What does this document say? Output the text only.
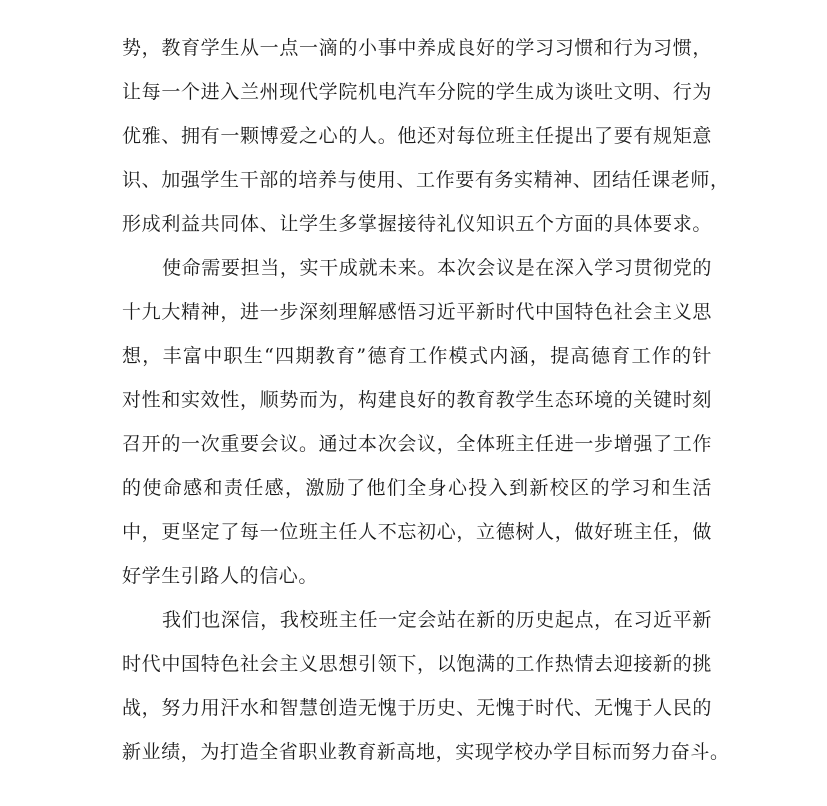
势，教育学生从一点一滴的小事中养成良好的学习习惯和行为习惯，
让每一个进入兰州现代学院机电汽车分院的学生成为谈吐文明、行为
优雅、拥有一颗博爱之心的人。他还对每位班主任提出了要有规矩意
识、加强学生干部的培养与使用、工作要有务实精神、团结任课老师，
形成利益共同体、让学生多掌握接待礼仪知识五个方面的具体要求。
使命需要担当，实干成就未来。本次会议是在深入学习贯彻党的
十九大精神，进一步深刻理解感悟习近平新时代中国特色社会主义思
想，丰富中职生“四期教育”德育工作模式内涵，提高德育工作的针
对性和实效性，顺势而为，构建良好的教育教学生态环境的关键时刻
召开的一次重要会议。通过本次会议，全体班主任进一步增强了工作
的使命感和责任感，激励了他们全身心投入到新校区的学习和生活
中，更坚定了每一位班主任人不忘初心，立德树人，做好班主任，做
好学生引路人的信心。
我们也深信，我校班主任一定会站在新的历史起点，在习近平新
时代中国特色社会主义思想引领下，以饱满的工作热情去迎接新的挑
战，努力用汗水和智慧创造无愧于历史、无愧于时代、无愧于人民的
新业绩，为打造全省职业教育新高地，实现学校办学目标而努力奋斗。
